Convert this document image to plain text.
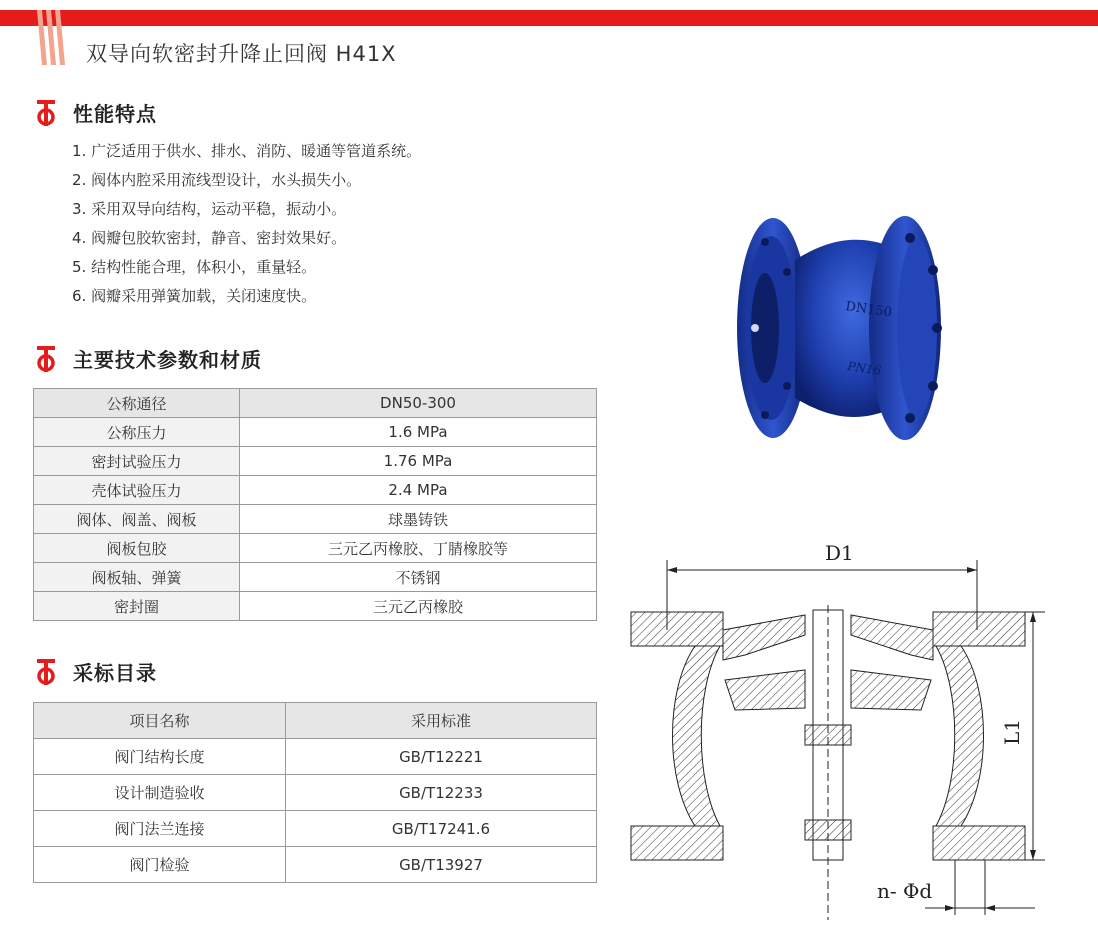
双导向软密封升降止回阀 H41X
性能特点
1. 广泛适用于供水、排水、消防、暖通等管道系统。
2. 阀体内腔采用流线型设计，水头损失小。
3. 采用双导向结构，运动平稳，振动小。
4. 阀瓣包胶软密封，静音、密封效果好。
5. 结构性能合理，体积小，重量轻。
6. 阀瓣采用弹簧加载，关闭速度快。
主要技术参数和材质
公称通径	DN50-300
公称压力	1.6 MPa
密封试验压力	1.76 MPa
壳体试验压力	2.4 MPa
阀体、阀盖、阀板	球墨铸铁
阀板包胶	三元乙丙橡胶、丁腈橡胶等
阀板轴、弹簧	不锈钢
密封圈	三元乙丙橡胶
采标目录
项目名称	采用标准
阀门结构长度	GB/T12221
设计制造验收	GB/T12233
阀门法兰连接	GB/T17241.6
阀门检验	GB/T13927
DN150
PN16
D1
L1
n- Φd
